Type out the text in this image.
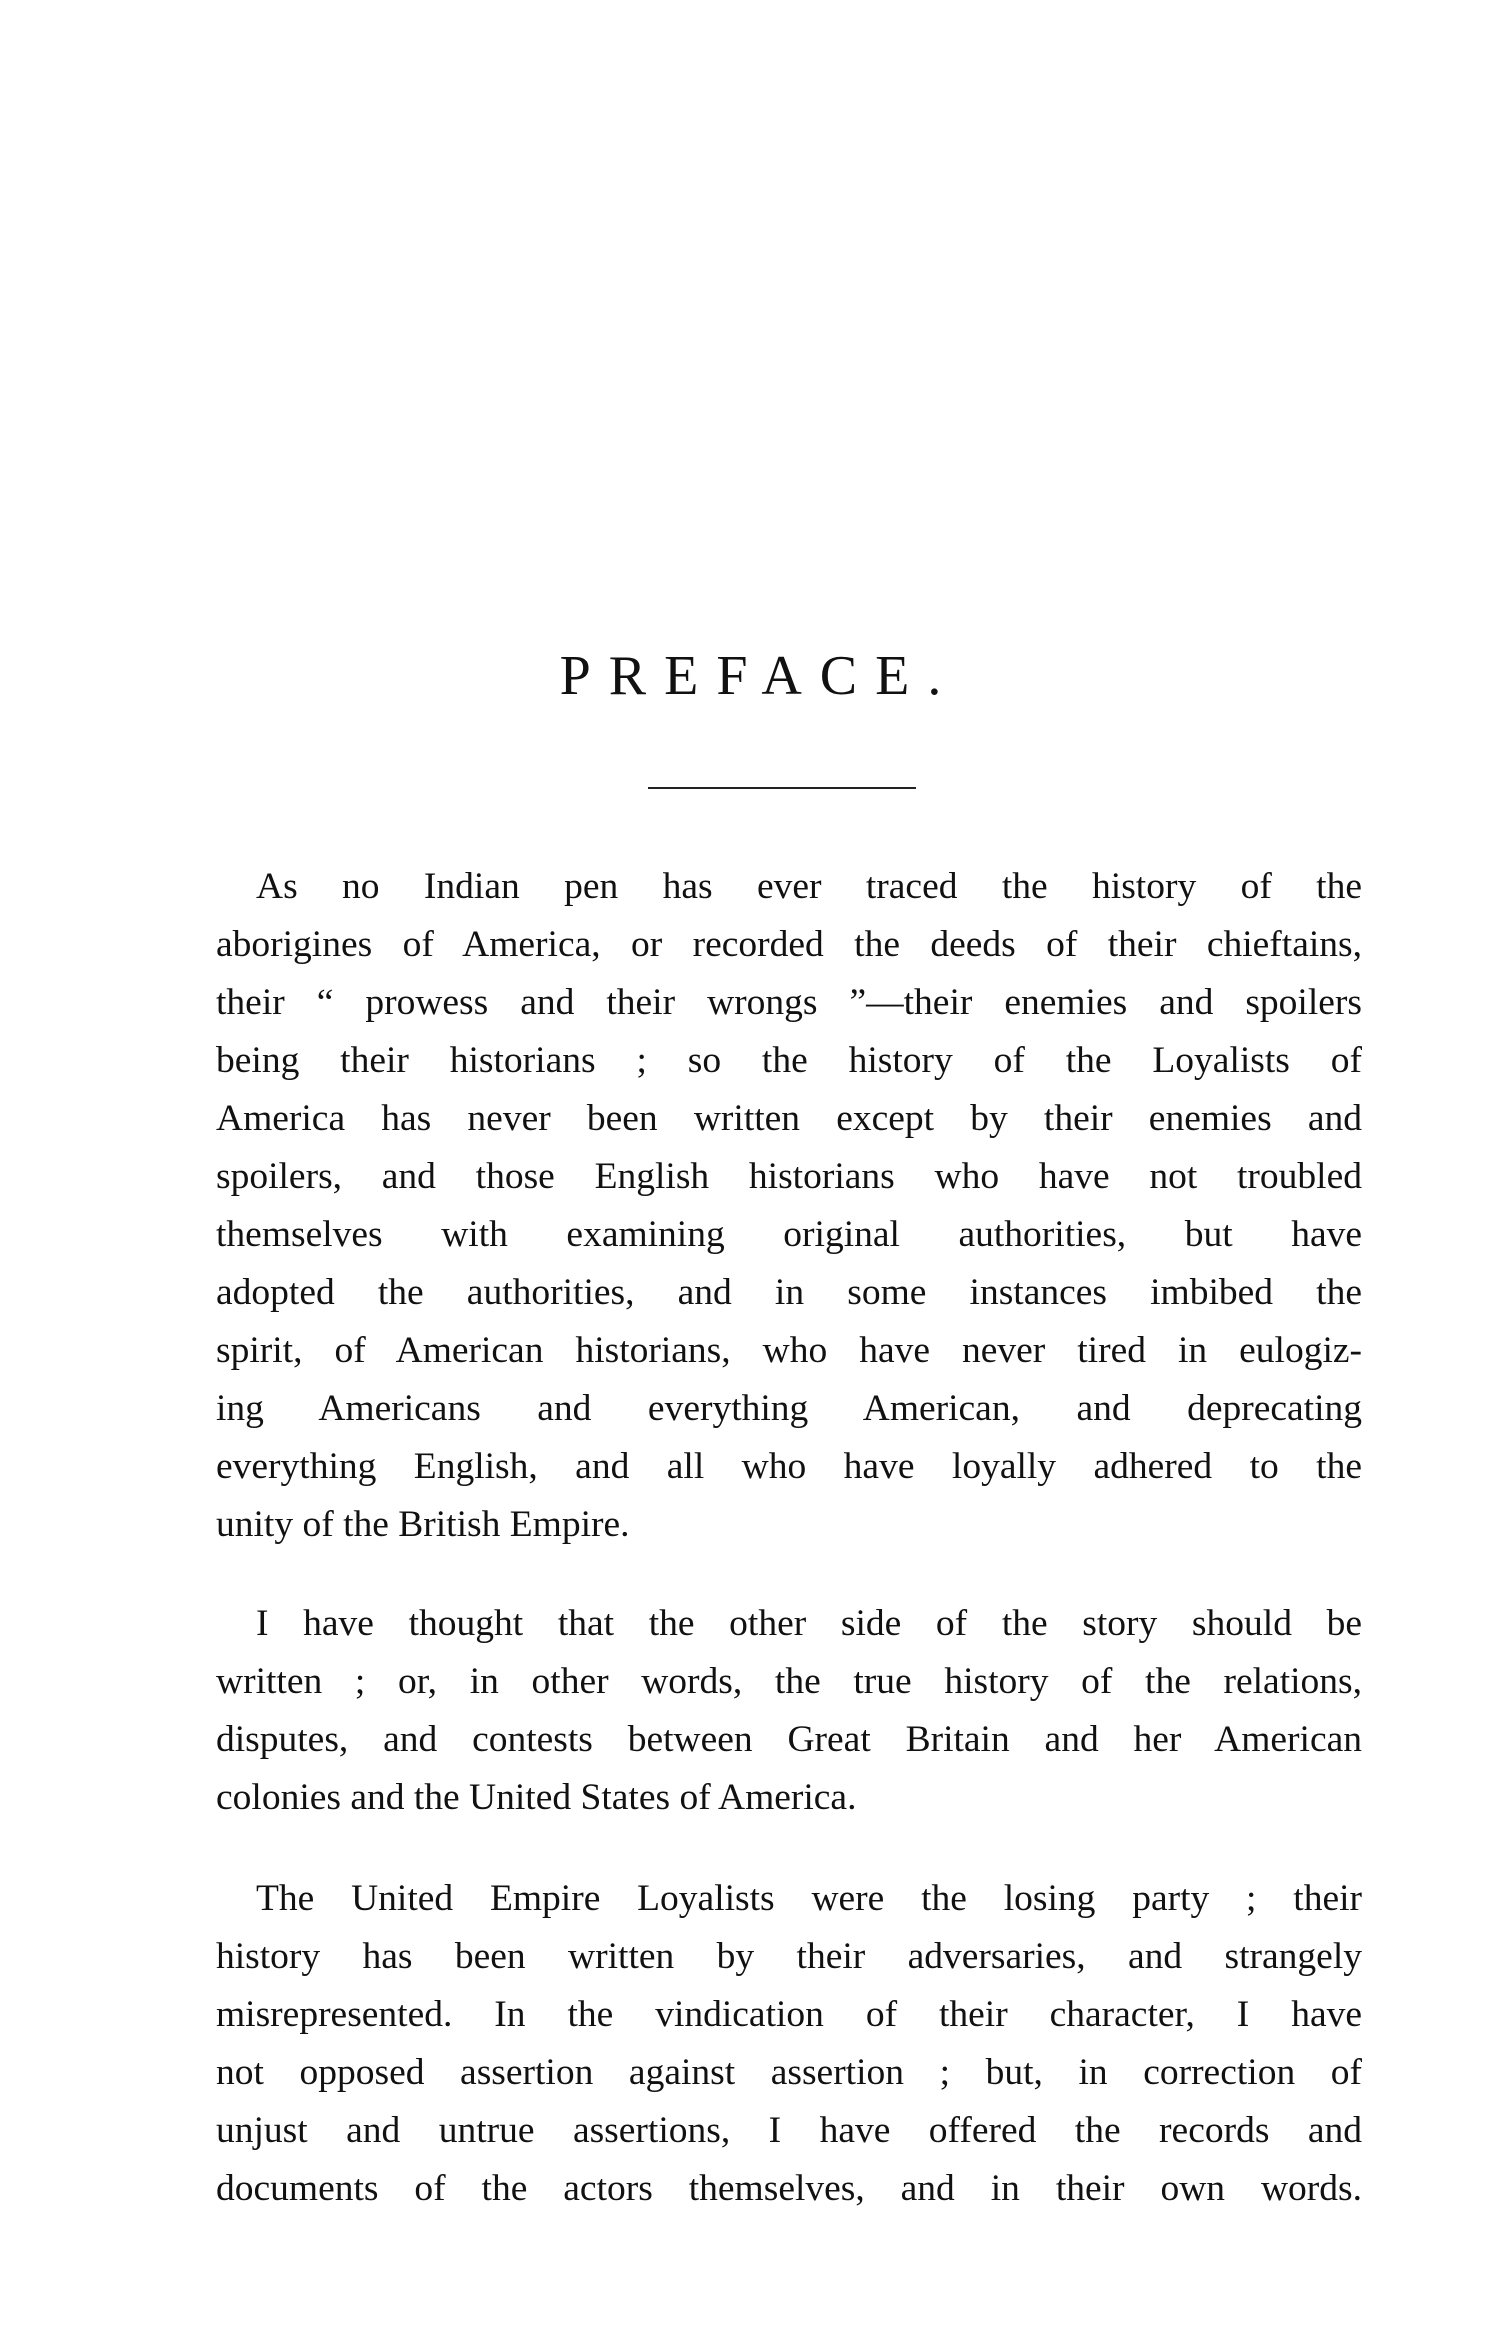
PREFACE.
As no Indian pen has ever traced the history of the
aborigines of America, or recorded the deeds of their chieftains,
their “ prowess and their wrongs ”—their enemies and spoilers
being their historians ; so the history of the Loyalists of
America has never been written except by their enemies and
spoilers, and those English historians who have not troubled
themselves with examining original authorities, but have
adopted the authorities, and in some instances imbibed the
spirit, of American historians, who have never tired in eulogiz-
ing Americans and everything American, and deprecating
everything English, and all who have loyally adhered to the
unity of the British Empire.
I have thought that the other side of the story should be
written ; or, in other words, the true history of the relations,
disputes, and contests between Great Britain and her American
colonies and the United States of America.
The United Empire Loyalists were the losing party ; their
history has been written by their adversaries, and strangely
misrepresented. In the vindication of their character, I have
not opposed assertion against assertion ; but, in correction of
unjust and untrue assertions, I have offered the records and
documents of the actors themselves, and in their own words.
